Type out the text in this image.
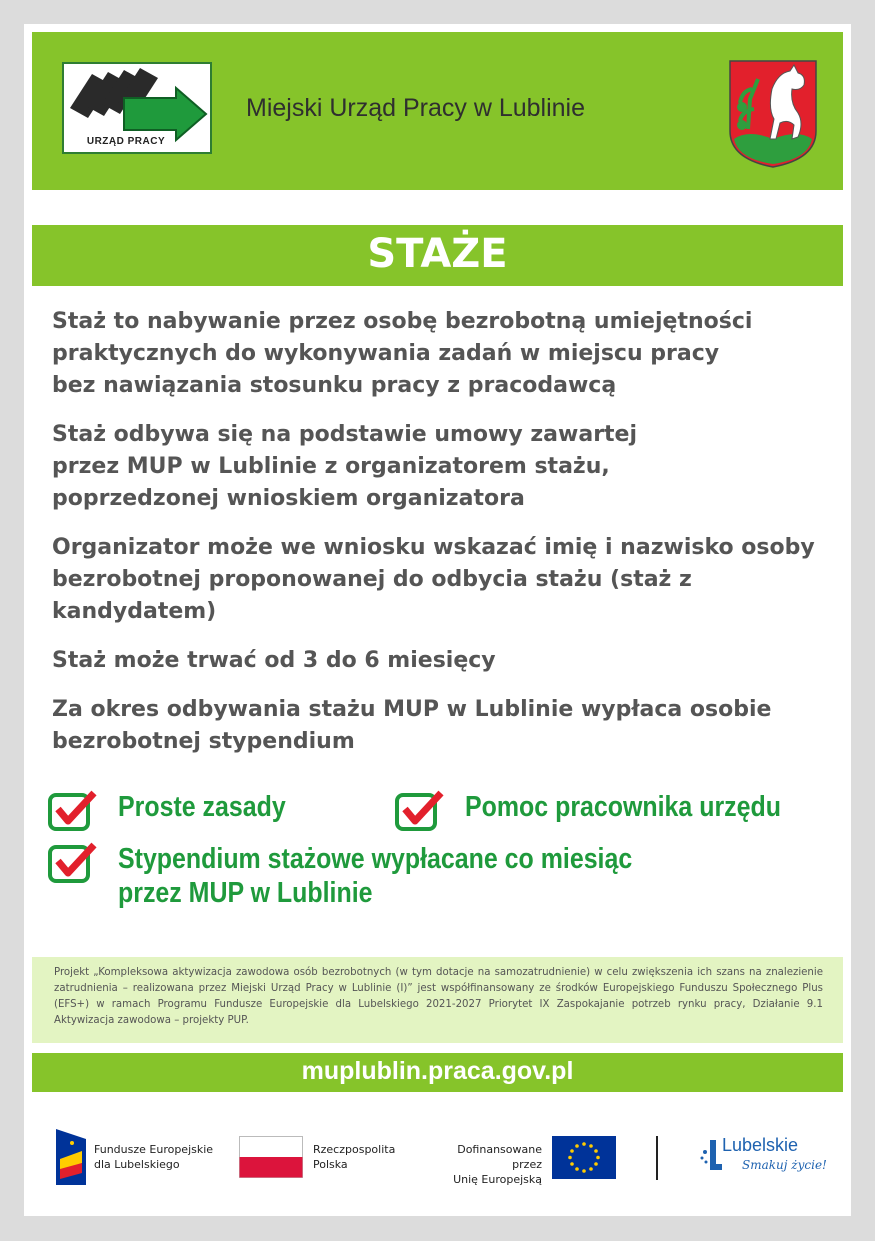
URZĄD PRACY
Miejski Urząd Pracy w Lublinie
STAŻE

Staż to nabywanie przez osobę bezrobotną umiejętności
praktycznych do wykonywania zadań w miejscu pracy
bez nawiązania stosunku pracy z pracodawcą

Staż odbywa się na podstawie umowy zawartej
przez MUP w Lublinie z organizatorem stażu,
poprzedzonej wnioskiem organizatora

Organizator może we wniosku wskazać imię i nazwisko osoby
bezrobotnej proponowanej do odbycia stażu (staż z kandydatem)

Staż może trwać od 3 do 6 miesięcy

Za okres odbywania stażu MUP w Lublinie wypłaca osobie
bezrobotnej stypendium

Proste zasady	Pomoc pracownika urzędu
Stypendium stażowe wypłacane co miesiąc
przez MUP w Lublinie
Projekt „Kompleksowa aktywizacja zawodowa osób bezrobotnych (w tym dotacje na samozatrudnienie) w celu zwiększenia ich szans na znalezienie zatrudnienia – realizowana przez Miejski Urząd Pracy w Lublinie (I)” jest współfinansowany ze środków Europejskiego Funduszu Społecznego Plus (EFS+) w ramach Programu Fundusze Europejskie dla Lubelskiego 2021-2027 Priorytet IX Zaspokajanie potrzeb rynku pracy, Działanie 9.1 Aktywizacja zawodowa – projekty PUP.
muplublin.praca.gov.pl
Fundusze Europejskie
dla Lubelskiego
Rzeczpospolita
Polska
Dofinansowane przez
Unię Europejską
Lubelskie
Smakuj życie!
